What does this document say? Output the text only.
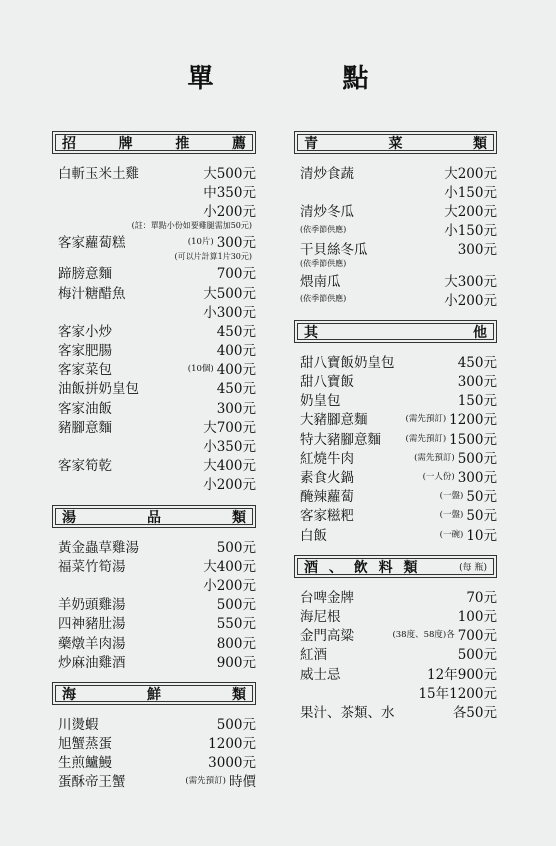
單 點
招	牌	推	薦
白斬玉米土雞	大500元
中350元
小200元
(註：單點小份如要雞腿需加50元)
客家蘿蔔糕	(10片) 300元
(可以片計算1片30元)
蹄膀意麵	700元
梅汁糖醋魚	大500元
小300元
客家小炒	450元
客家肥腸	400元
客家菜包	(10個) 400元
油飯拼奶皇包	450元
客家油飯	300元
豬腳意麵	大700元
小350元
客家筍乾	大400元
小200元
湯	品	類
黃金蟲草雞湯	500元
福菜竹筍湯	大400元
小200元
羊奶頭雞湯	500元
四神豬肚湯	550元
藥燉羊肉湯	800元
炒麻油雞酒	900元
海	鮮	類
川燙蝦	500元
旭蟹蒸蛋	1200元
生煎鱸鰻	3000元
蛋酥帝王蟹	(需先預訂) 時價
青	菜	類
清炒食蔬	大200元
小150元
清炒冬瓜	大200元
(依季節供應)	小150元
干貝絲冬瓜	300元
(依季節供應)
煨南瓜	大300元
(依季節供應)	小200元
其	他
甜八寶飯奶皇包	450元
甜八寶飯	300元
奶皇包	150元
大豬腳意麵	(需先預訂) 1200元
特大豬腳意麵	(需先預訂) 1500元
紅燒牛肉	(需先預訂) 500元
素食火鍋	(一人份) 300元
醃辣蘿蔔	(一盤) 50元
客家糍粑	(一盤) 50元
白飯	(一碗) 10元
酒 、 飲 料 類	(每 瓶)
台啤金牌	70元
海尼根	100元
金門高粱	(38度、58度)各 700元
紅酒	500元
威士忌	12年900元
15年1200元
果汁、茶類、水	各50元
